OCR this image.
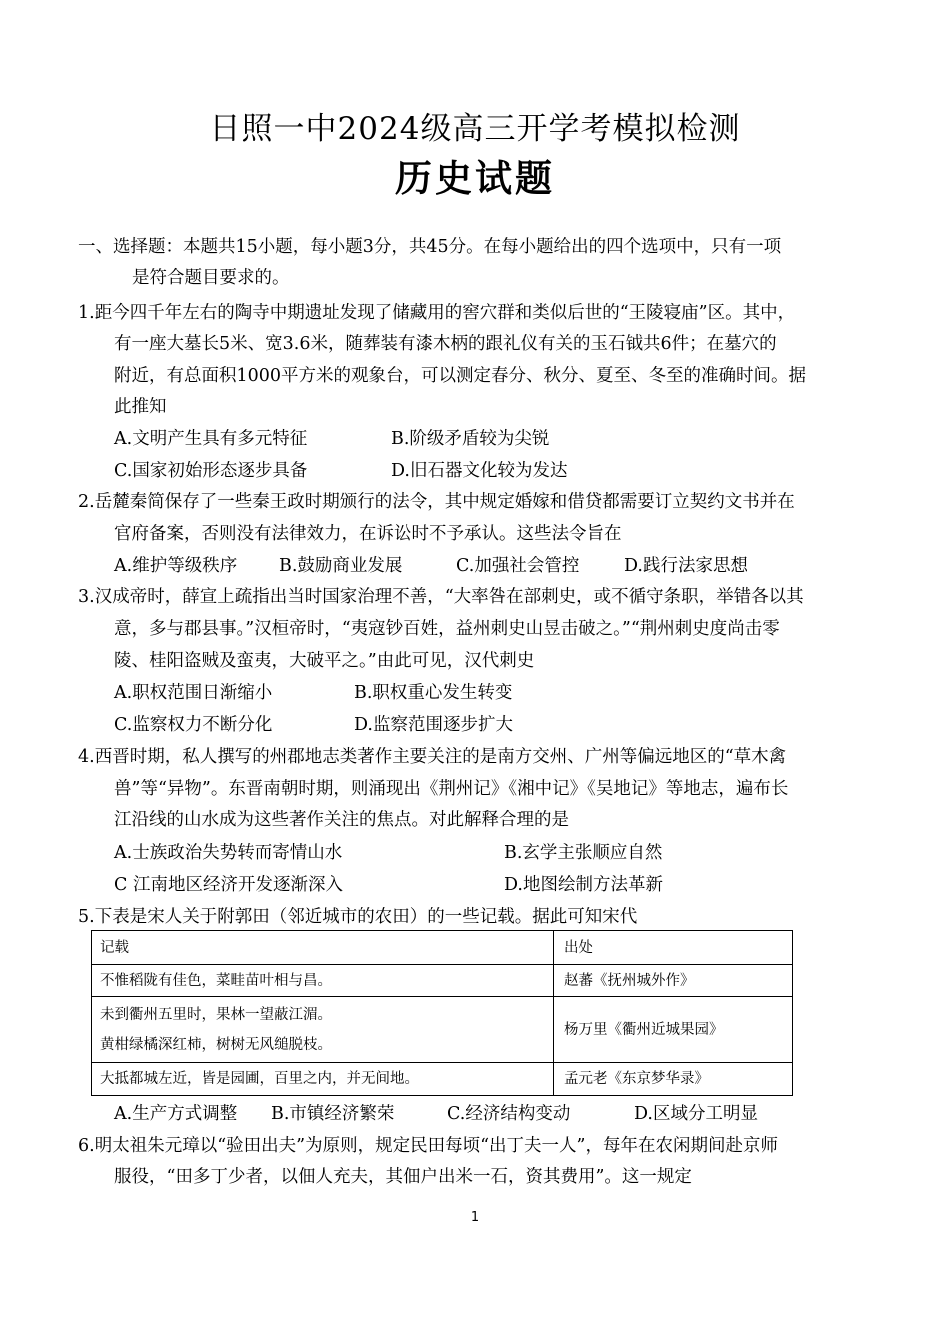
日照一中2024级高三开学考模拟检测
历史试题
一、选择题：本题共15小题，每小题3分，共45分。在每小题给出的四个选项中，只有一项
是符合题目要求的。
1.距今四千年左右的陶寺中期遗址发现了储藏用的窖穴群和类似后世的“王陵寝庙”区。其中，
有一座大墓长5米、宽3.6米，随葬装有漆木柄的跟礼仪有关的玉石钺共6件；在墓穴的
附近，有总面积1000平方米的观象台，可以测定春分、秋分、夏至、冬至的准确时间。据
此推知
A.文明产生具有多元特征	B.阶级矛盾较为尖锐
C.国家初始形态逐步具备	D.旧石器文化较为发达
2.岳麓秦简保存了一些秦王政时期颁行的法令，其中规定婚嫁和借贷都需要订立契约文书并在
官府备案，否则没有法律效力，在诉讼时不予承认。这些法令旨在
A.维护等级秩序 B.鼓励商业发展	C.加强社会管控	D.践行法家思想
3.汉成帝时，薛宣上疏指出当时国家治理不善，“大率咎在部刺史，或不循守条职，举错各以其
意，多与郡县事。”汉桓帝时，“夷寇钞百姓，益州刺史山昱击破之。”“荆州刺史度尚击零
陵、桂阳盗贼及蛮夷，大破平之。”由此可见，汉代刺史
A.职权范围日渐缩小	B.职权重心发生转变
C.监察权力不断分化	D.监察范围逐步扩大
4.西晋时期，私人撰写的州郡地志类著作主要关注的是南方交州、广州等偏远地区的“草木禽
兽”等“异物”。东晋南朝时期，则涌现出《荆州记》《湘中记》《吴地记》等地志，遍布长
江沿线的山水成为这些著作关注的焦点。对此解释合理的是
A.士族政治失势转而寄情山水	B.玄学主张顺应自然
C 江南地区经济开发逐渐深入	D.地图绘制方法革新
5.下表是宋人关于附郭田（邻近城市的农田）的一些记载。据此可知宋代
记载	出处

不惟稻陇有佳色，菜畦苗叶相与昌。	赵蕃《抚州城外作》

未到衢州五里时，果林一望蔽江湄。
黄柑绿橘深红柿，树树无风缒脱枝。	杨万里《衢州近城果园》

大抵都城左近，皆是园圃，百里之内，并无间地。	孟元老《东京梦华录》
A.生产方式调整 B.市镇经济繁荣	C.经济结构变动	D.区域分工明显
6.明太祖朱元璋以“验田出夫”为原则，规定民田每顷“出丁夫一人”，每年在农闲期间赴京师
服役，“田多丁少者，以佃人充夫，其佃户出米一石，资其费用”。这一规定
1
